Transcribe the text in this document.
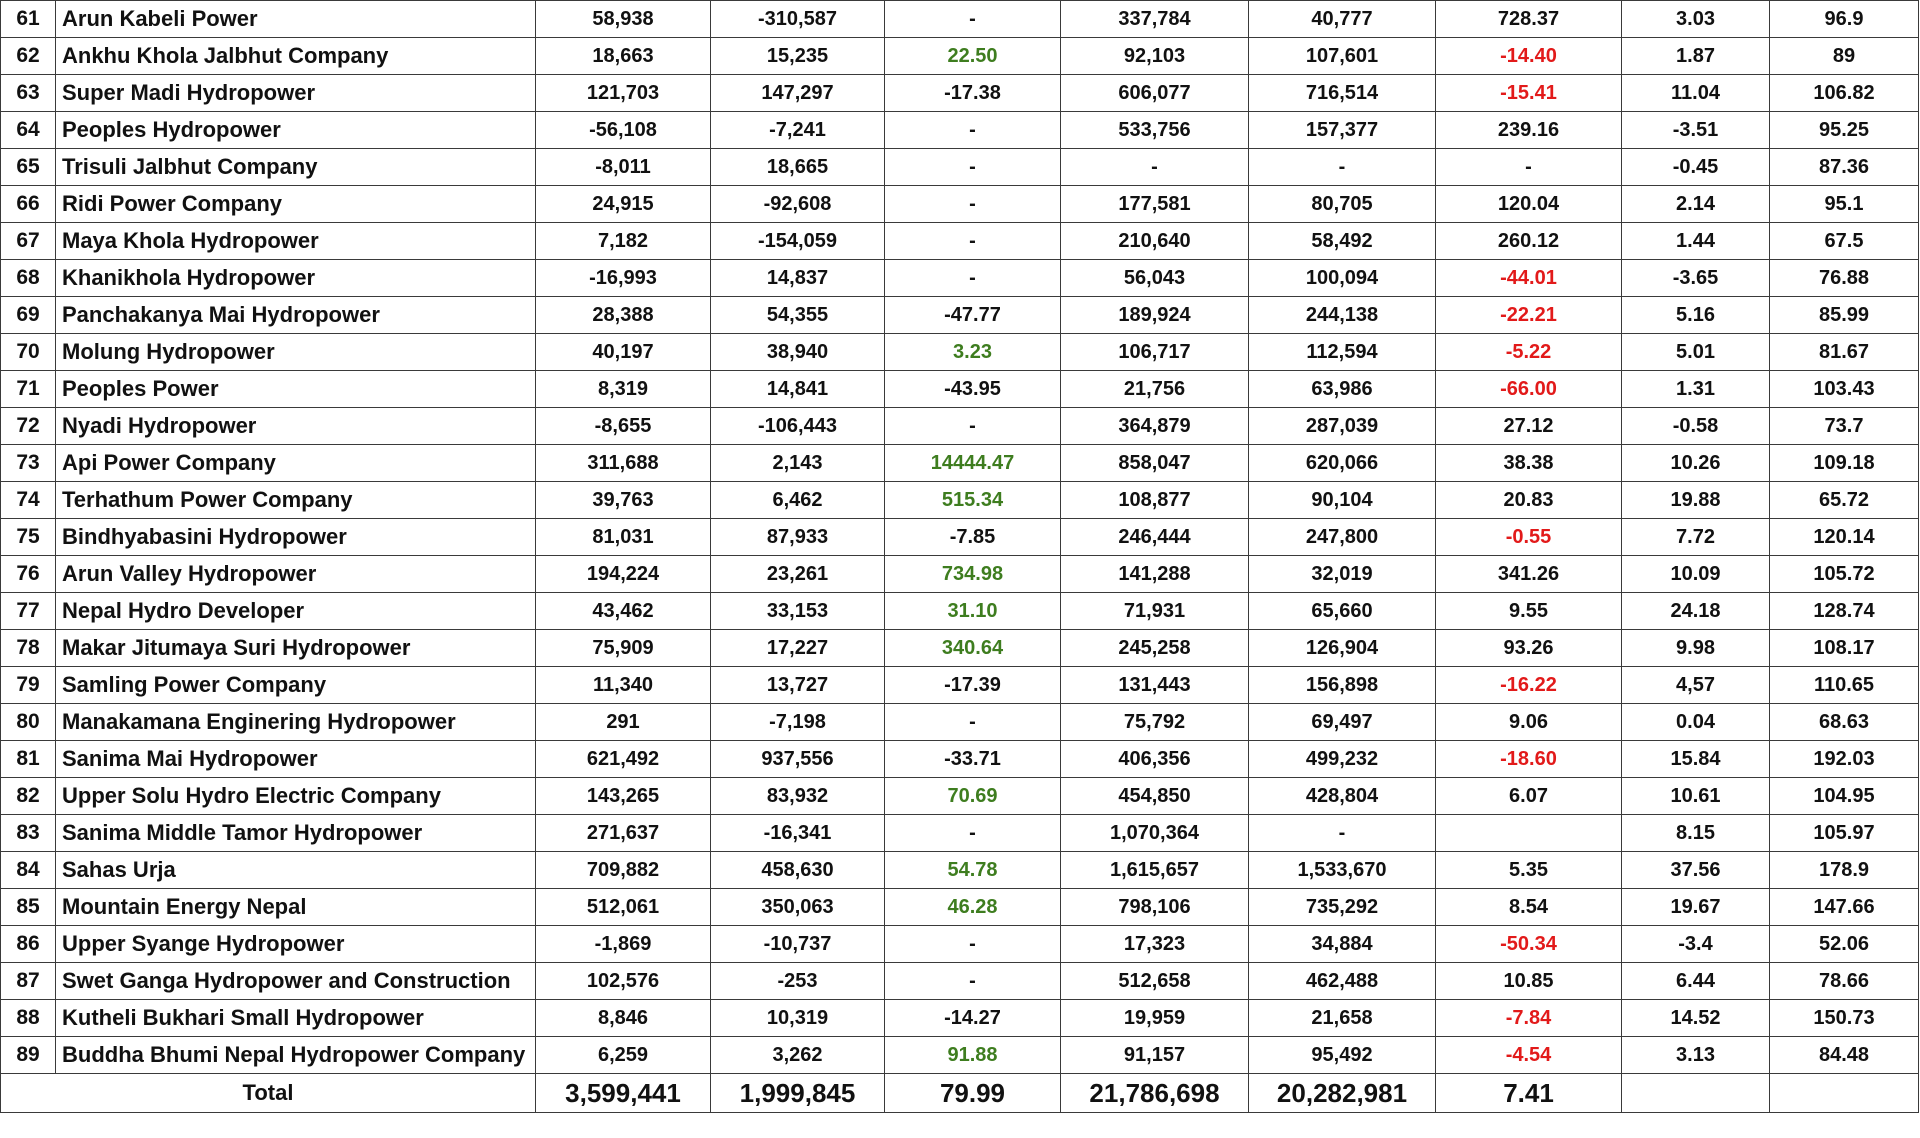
61	Arun Kabeli Power	58,938	-310,587	-	337,784	40,777	728.37	3.03	96.9
62	Ankhu Khola Jalbhut Company	18,663	15,235	22.50	92,103	107,601	-14.40	1.87	89
63	Super Madi Hydropower	121,703	147,297	-17.38	606,077	716,514	-15.41	11.04	106.82
64	Peoples Hydropower	-56,108	-7,241	-	533,756	157,377	239.16	-3.51	95.25
65	Trisuli Jalbhut Company	-8,011	18,665	-	-	-	-	-0.45	87.36
66	Ridi Power Company	24,915	-92,608	-	177,581	80,705	120.04	2.14	95.1
67	Maya Khola Hydropower	7,182	-154,059	-	210,640	58,492	260.12	1.44	67.5
68	Khanikhola Hydropower	-16,993	14,837	-	56,043	100,094	-44.01	-3.65	76.88
69	Panchakanya Mai Hydropower	28,388	54,355	-47.77	189,924	244,138	-22.21	5.16	85.99
70	Molung Hydropower	40,197	38,940	3.23	106,717	112,594	-5.22	5.01	81.67
71	Peoples Power	8,319	14,841	-43.95	21,756	63,986	-66.00	1.31	103.43
72	Nyadi Hydropower	-8,655	-106,443	-	364,879	287,039	27.12	-0.58	73.7
73	Api Power Company	311,688	2,143	14444.47	858,047	620,066	38.38	10.26	109.18
74	Terhathum Power Company	39,763	6,462	515.34	108,877	90,104	20.83	19.88	65.72
75	Bindhyabasini Hydropower	81,031	87,933	-7.85	246,444	247,800	-0.55	7.72	120.14
76	Arun Valley Hydropower	194,224	23,261	734.98	141,288	32,019	341.26	10.09	105.72
77	Nepal Hydro Developer	43,462	33,153	31.10	71,931	65,660	9.55	24.18	128.74
78	Makar Jitumaya Suri Hydropower	75,909	17,227	340.64	245,258	126,904	93.26	9.98	108.17
79	Samling Power Company	11,340	13,727	-17.39	131,443	156,898	-16.22	4,57	110.65
80	Manakamana Enginering Hydropower	291	-7,198	-	75,792	69,497	9.06	0.04	68.63
81	Sanima Mai Hydropower	621,492	937,556	-33.71	406,356	499,232	-18.60	15.84	192.03
82	Upper Solu Hydro Electric Company	143,265	83,932	70.69	454,850	428,804	6.07	10.61	104.95
83	Sanima Middle Tamor Hydropower	271,637	-16,341	-	1,070,364	-		8.15	105.97
84	Sahas Urja	709,882	458,630	54.78	1,615,657	1,533,670	5.35	37.56	178.9
85	Mountain Energy Nepal	512,061	350,063	46.28	798,106	735,292	8.54	19.67	147.66
86	Upper Syange Hydropower	-1,869	-10,737	-	17,323	34,884	-50.34	-3.4	52.06
87	Swet Ganga Hydropower and Construction	102,576	-253	-	512,658	462,488	10.85	6.44	78.66
88	Kutheli Bukhari Small Hydropower	8,846	10,319	-14.27	19,959	21,658	-7.84	14.52	150.73
89	Buddha Bhumi Nepal Hydropower Company	6,259	3,262	91.88	91,157	95,492	-4.54	3.13	84.48
Total		3,599,441	1,999,845	79.99	21,786,698	20,282,981	7.41		
